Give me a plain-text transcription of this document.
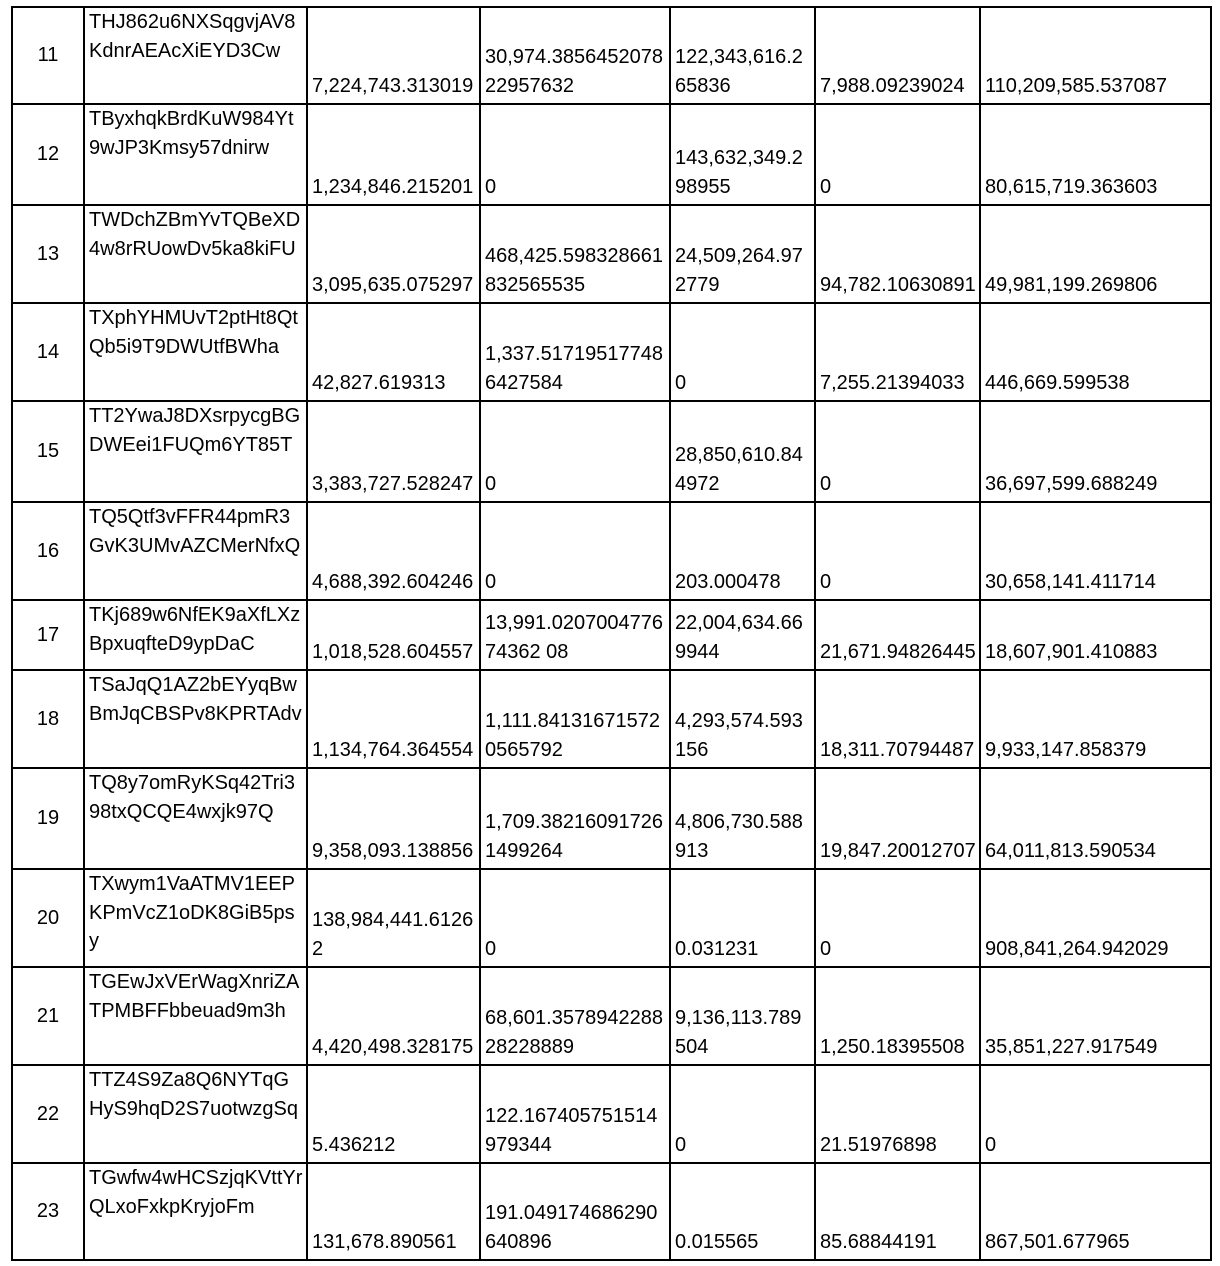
11	THJ862u6NXSqgvjAV8KdnrAEAcXiEYD3Cw	7,224,743.313019	30,974.385645207822957632	122,343,616.265836	7,988.09239024	110,209,585.537087
12	TByxhqkBrdKuW984Yt9wJP3Kmsy57dnirw	1,234,846.215201	0	143,632,349.298955	0	80,615,719.363603
13	TWDchZBmYvTQBeXD4w8rRUowDv5ka8kiFU	3,095,635.075297	468,425.598328661832565535	24,509,264.972779	94,782.10630891	49,981,199.269806
14	TXphYHMUvT2ptHt8QtQb5i9T9DWUtfBWha	42,827.619313	1,337.517195177486427584	0	7,255.21394033	446,669.599538
15	TT2YwaJ8DXsrpycgBGDWEei1FUQm6YT85T	3,383,727.528247	0	28,850,610.844972	0	36,697,599.688249
16	TQ5Qtf3vFFR44pmR3GvK3UMvAZCMerNfxQ	4,688,392.604246	0	203.000478	0	30,658,141.411714
17	TKj689w6NfEK9aXfLXzBpxuqfteD9ypDaC	1,018,528.604557	13,991.020700477674362 08	22,004,634.669944	21,671.94826445	18,607,901.410883
18	TSaJqQ1AZ2bEYyqBwBmJqCBSPv8KPRTAdv	1,134,764.364554	1,111.841316715720565792	4,293,574.593156	18,311.70794487	9,933,147.858379
19	TQ8y7omRyKSq42Tri398txQCQE4wxjk97Q	9,358,093.138856	1,709.382160917261499264	4,806,730.588913	19,847.20012707	64,011,813.590534
20	TXwym1VaATMV1EEPKPmVcZ1oDK8GiB5psy	138,984,441.61262	0	0.031231	0	908,841,264.942029
21	TGEwJxVErWagXnriZATPMBFFbbeuad9m3h	4,420,498.328175	68,601.357894228828228889	9,136,113.789504	1,250.18395508	35,851,227.917549
22	TTZ4S9Za8Q6NYTqGHyS9hqD2S7uotwzgSq	5.436212	122.167405751514979344	0	21.51976898	0
23	TGwfw4wHCSzjqKVttYrQLxoFxkpKryjoFm	131,678.890561	191.049174686290640896	0.015565	85.68844191	867,501.677965
